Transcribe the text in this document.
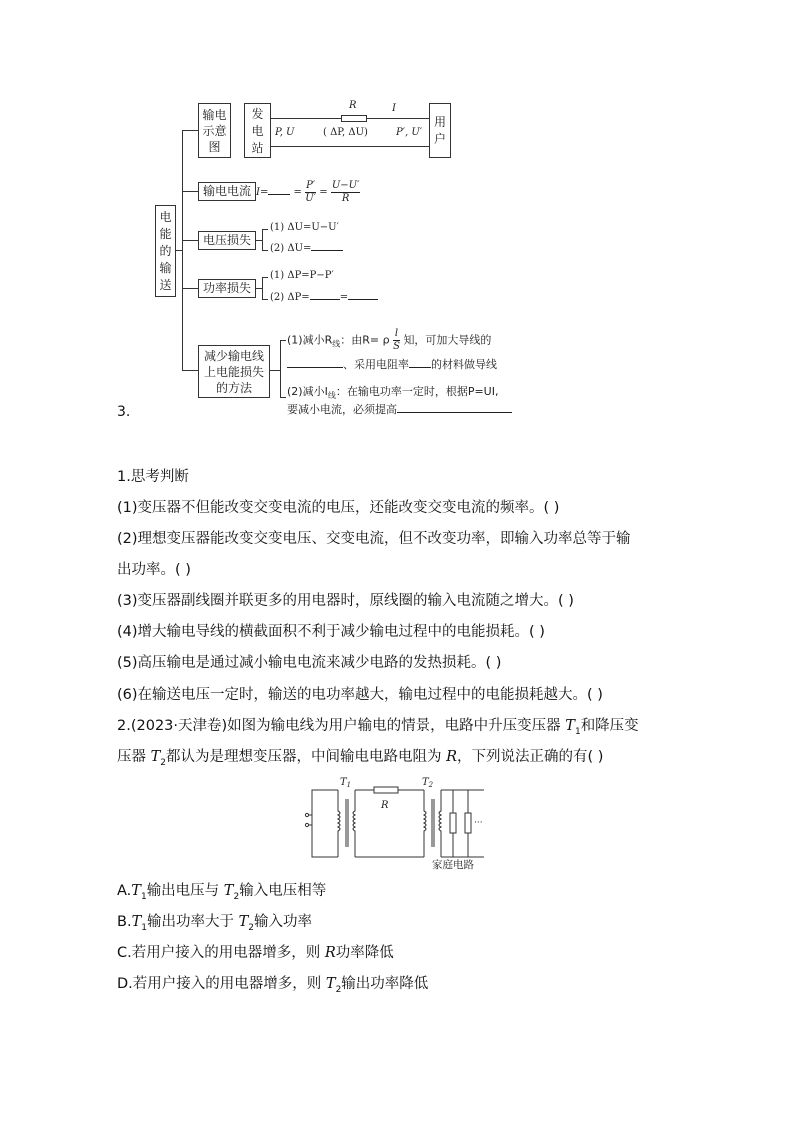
电能的输送
输电示意图
发电站
R	I
P, U	( ΔP, ΔU)	P′, U′
用户
输电电流 I=	= $\frac{P'}{U'} = \frac{U-U'}{R}$
电压损失
(1) ΔU=U−U′
(2) ΔU=
功率损失
(1) ΔP=P−P′
(2) ΔP=	=
减少输电线上电能损失的方法
(1)减小$R_线$：由R= ρ $\frac{l}{S}$ 知，可加大导线的
、采用电阻率 的材料做导线
(2)减小$I_线$：在输电功率一定时，根据P=UI,
要减小电流，必须提高
3.
1.思考判断
(1)变压器不但能改变交变电流的电压，还能改变交变电流的频率。( )
(2)理想变压器能改变交变电压、交变电流，但不改变功率，即输入功率总等于输
出功率。( )
(3)变压器副线圈并联更多的用电器时，原线圈的输入电流随之增大。( )
(4)增大输电导线的横截面积不利于减少输电过程中的电能损耗。( )
(5)高压输电是通过减小输电电流来减少电路的发热损耗。( )
(6)在输送电压一定时，输送的电功率越大，输电过程中的电能损耗越大。( )
2.(2023·天津卷)如图为输电线为用户输电的情景，电路中升压变压器 $T_1$和降压变
压器 $T_2$都认为是理想变压器，中间输电电路电阻为 R，下列说法正确的有( )
$T_1$
R
$T_2$
···
家庭电路
$A.T_1$输出电压与 $T_2$输入电压相等
$B.T_1$输出功率大于 $T_2$输入功率
C.若用户接入的用电器增多，则 R功率降低
D.若用户接入的用电器增多，则 $T_2$输出功率降低
